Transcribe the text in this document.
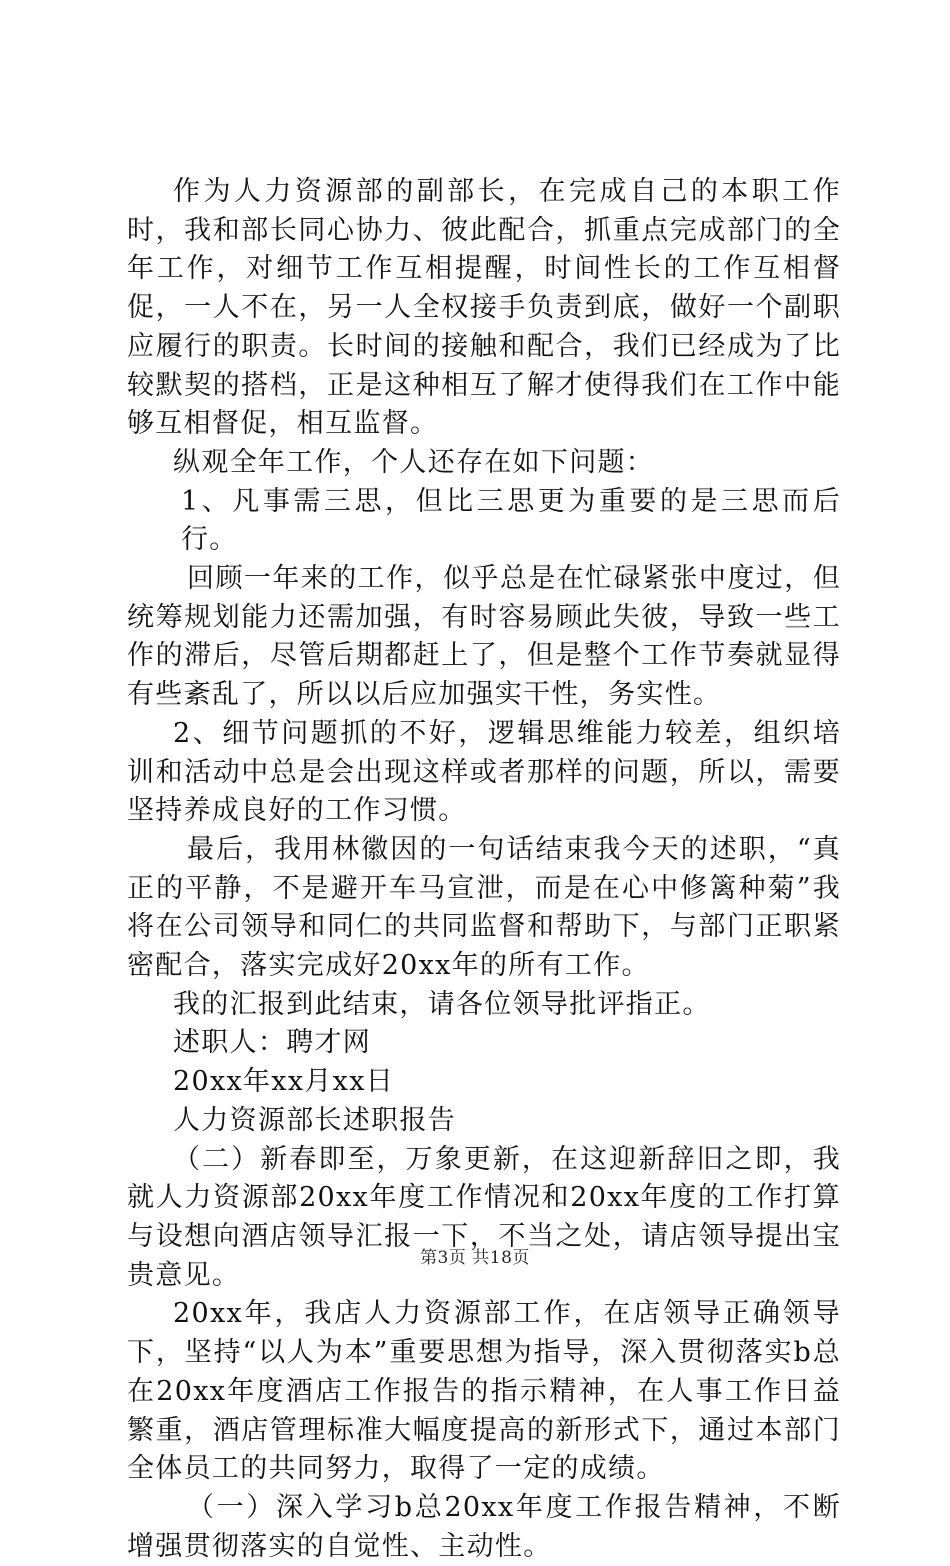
作为人力资源部的副部长，在完成自己的本职工作时，我和部长同心协力、彼此配合，抓重点完成部门的全年工作，对细节工作互相提醒，时间性长的工作互相督促，一人不在，另一人全权接手负责到底，做好一个副职应履行的职责。长时间的接触和配合，我们已经成为了比较默契的搭档，正是这种相互了解才使得我们在工作中能够互相督促，相互监督。

纵观全年工作，个人还存在如下问题：

1、凡事需三思，但比三思更为重要的是三思而后行。

回顾一年来的工作，似乎总是在忙碌紧张中度过，但统筹规划能力还需加强，有时容易顾此失彼，导致一些工作的滞后，尽管后期都赶上了，但是整个工作节奏就显得有些紊乱了，所以以后应加强实干性，务实性。

2、细节问题抓的不好，逻辑思维能力较差，组织培训和活动中总是会出现这样或者那样的问题，所以，需要坚持养成良好的工作习惯。

最后，我用林徽因的一句话结束我今天的述职，“真正的平静，不是避开车马宣泄，而是在心中修篱种菊”我将在公司领导和同仁的共同监督和帮助下，与部门正职紧密配合，落实完成好20xx年的所有工作。

我的汇报到此结束，请各位领导批评指正。

述职人：聘才网

20xx年xx月xx日

人力资源部长述职报告

（二）新春即至，万象更新，在这迎新辞旧之即，我就人力资源部20xx年度工作情况和20xx年度的工作打算与设想向酒店领导汇报一下，不当之处，请店领导提出宝贵意见。

20xx年，我店人力资源部工作，在店领导正确领导下，坚持“以人为本”重要思想为指导，深入贯彻落实b总在20xx年度酒店工作报告的指示精神，在人事工作日益繁重，酒店管理标准大幅度提高的新形式下，通过本部门全体员工的共同努力，取得了一定的成绩。

（一）深入学习b总20xx年度工作报告精神，不断增强贯彻落实的自觉性、主动性。

第3页 共18页
